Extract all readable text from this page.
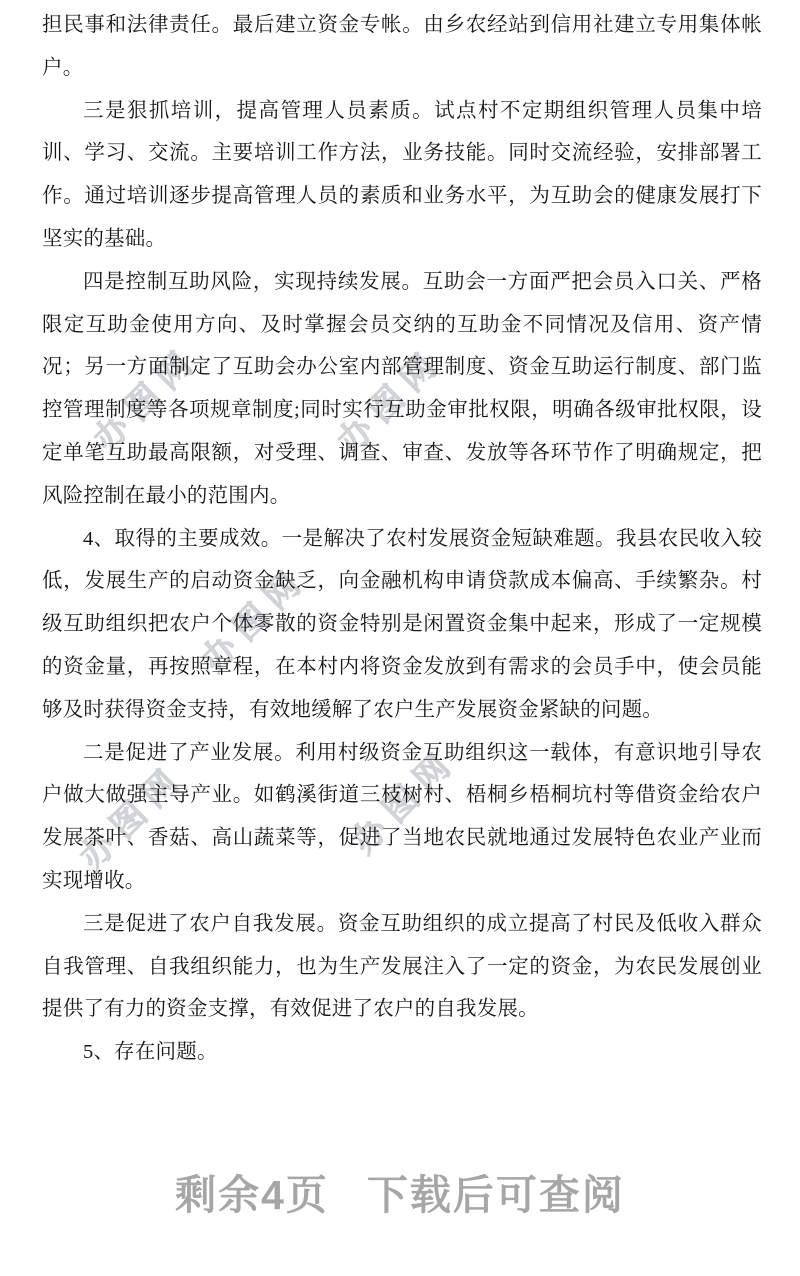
办图网	办图网
办图网
办图网	办图网

担民事和法律责任。最后建立资金专帐。由乡农经站到信用社建立专用集体帐户。

三是狠抓培训，提高管理人员素质。试点村不定期组织管理人员集中培训、学习、交流。主要培训工作方法，业务技能。同时交流经验，安排部署工作。通过培训逐步提高管理人员的素质和业务水平，为互助会的健康发展打下坚实的基础。

四是控制互助风险，实现持续发展。互助会一方面严把会员入口关、严格限定互助金使用方向、及时掌握会员交纳的互助金不同情况及信用、资产情况；另一方面制定了互助会办公室内部管理制度、资金互助运行制度、部门监控管理制度等各项规章制度;同时实行互助金审批权限，明确各级审批权限，设定单笔互助最高限额，对受理、调查、审查、发放等各环节作了明确规定，把风险控制在最小的范围内。

4、取得的主要成效。一是解决了农村发展资金短缺难题。我县农民收入较低，发展生产的启动资金缺乏，向金融机构申请贷款成本偏高、手续繁杂。村级互助组织把农户个体零散的资金特别是闲置资金集中起来，形成了一定规模的资金量，再按照章程，在本村内将资金发放到有需求的会员手中，使会员能够及时获得资金支持，有效地缓解了农户生产发展资金紧缺的问题。

二是促进了产业发展。利用村级资金互助组织这一载体，有意识地引导农户做大做强主导产业。如鹤溪街道三枝树村、梧桐乡梧桐坑村等借资金给农户发展茶叶、香菇、高山蔬菜等，促进了当地农民就地通过发展特色农业产业而实现增收。

三是促进了农户自我发展。资金互助组织的成立提高了村民及低收入群众自我管理、自我组织能力，也为生产发展注入了一定的资金，为农民发展创业提供了有力的资金支撑，有效促进了农户的自我发展。

5、存在问题。

剩余4页 下载后可查阅
